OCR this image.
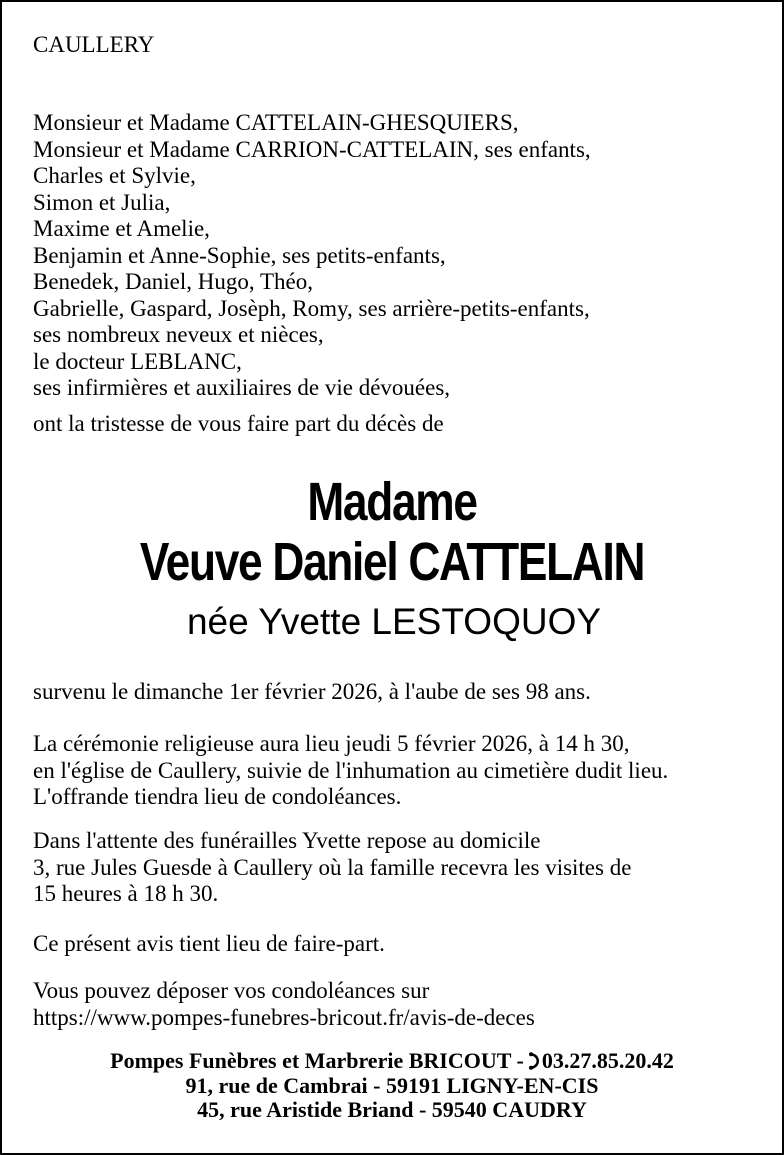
CAULLERY
Monsieur et Madame CATTELAIN-GHESQUIERS,
Monsieur et Madame CARRION-CATTELAIN, ses enfants,
Charles et Sylvie,
Simon et Julia,
Maxime et Amelie,
Benjamin et Anne-Sophie, ses petits-enfants,
Benedek, Daniel, Hugo, Théo,
Gabrielle, Gaspard, Josèph, Romy, ses arrière-petits-enfants,
ses nombreux neveux et nièces,
le docteur LEBLANC,
ses infirmières et auxiliaires de vie dévouées,
ont la tristesse de vous faire part du décès de
Madame
Veuve Daniel CATTELAIN
née Yvette LESTOQUOY
survenu le dimanche 1er février 2026, à l'aube de ses 98 ans.
La cérémonie religieuse aura lieu jeudi 5 février 2026, à 14 h 30,
en l'église de Caullery, suivie de l'inhumation au cimetière dudit lieu.
L'offrande tiendra lieu de condoléances.
Dans l'attente des funérailles Yvette repose au domicile
3, rue Jules Guesde à Caullery où la famille recevra les visites de
15 heures à 18 h 30.
Ce présent avis tient lieu de faire-part.
Vous pouvez déposer vos condoléances sur
https://www.pompes-funebres-bricout.fr/avis-de-deces
Pompes Funèbres et Marbrerie BRICOUT - 03.27.85.20.42
91, rue de Cambrai - 59191 LIGNY-EN-CIS
45, rue Aristide Briand - 59540 CAUDRY
